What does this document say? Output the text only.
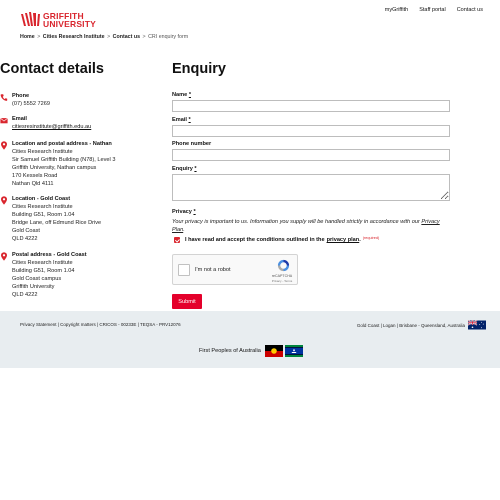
GRIFFITH
UNIVERSITY
myGriffith Staff portal Contact us
Home > Cities Research Institute > Contact us > CRI enquiry form
Contact details
Phone
(07) 5552 7269
Email
citiesresinstitute@griffith.edu.au
Location and postal address - Nathan
Cities Research Institute
Sir Samuel Griffith Building (N78), Level 3
Griffith University, Nathan campus
170 Kessels Road
Nathan Qld 4111
Location - Gold Coast
Cities Research Institute
Building G51, Room 1.04
Bridge Lane, off Edmund Rice Drive
Gold Coast
QLD 4222
Postal address - Gold Coast
Cities Research Institute
Building G51, Room 1.04
Gold Coast campus
Griffith University
QLD 4222
Enquiry
Name *
Email *
Phone number
Enquiry *
Privacy *
Your privacy is important to us. Information you supply will be handled strictly in accordance with our Privacy Plan.
I have read and accept the conditions outlined in the privacy plan . $^{(required)}$
I'm not a robot
reCAPTCHA
Privacy - Terms
Submit
Privacy Statement | Copyright matters | CRICOS - 00233E | TEQSA - PRV12076	Gold Coast | Logan | Brisbane - Queensland, Australia
First Peoples of Australia
